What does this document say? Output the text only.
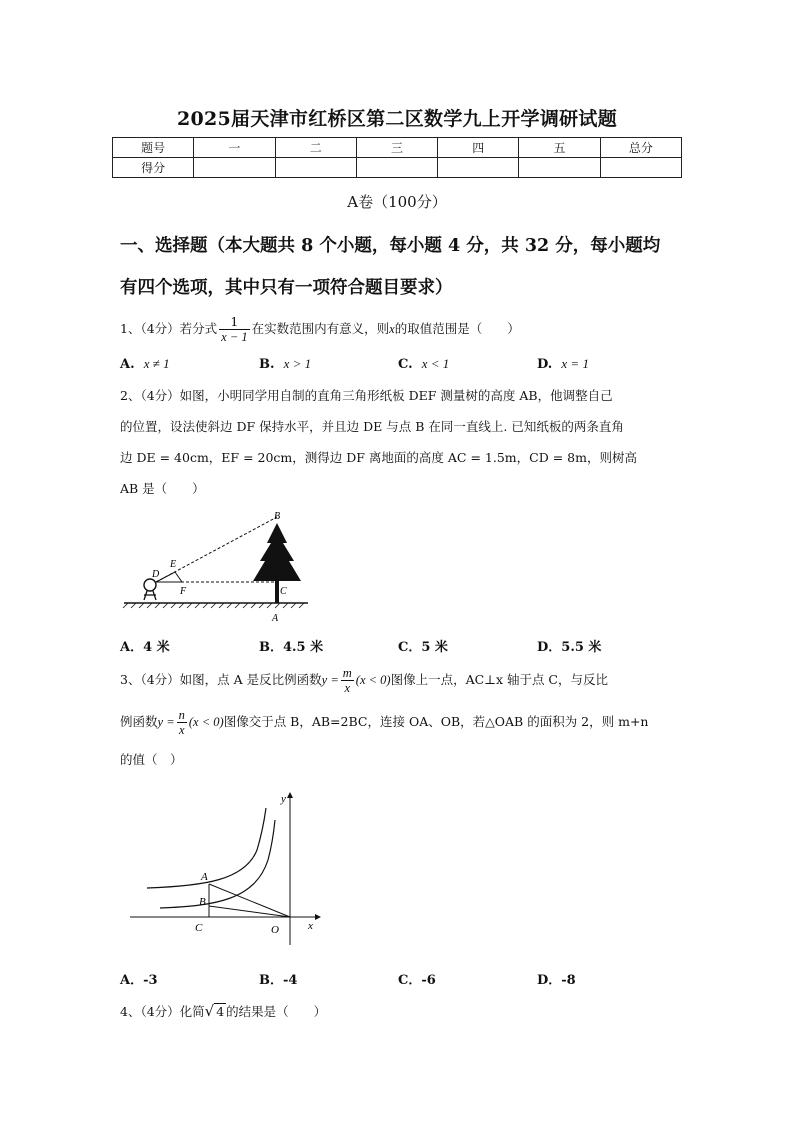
2025届天津市红桥区第二区数学九上开学调研试题
题号	一	二	三	四	五	总分
得分						
A卷（100分）
一、选择题（本大题共 8 个小题，每小题 4 分，共 32 分，每小题均
有四个选项，其中只有一项符合题目要求）
1、（4分）若分式 $\frac{1}{x - 1}$ 在实数范围内有意义，则x的取值范围是（　　）
A. x ≠ 1	B. x > 1	C. x < 1	D. x = 1
2、（4分）如图，小明同学用自制的直角三角形纸板 DEF 测量树的高度 AB，他调整自己
的位置，设法使斜边 DF 保持水平，并且边 DE 与点 B 在同一直线上. 已知纸板的两条直角
边 DE = 40cm，EF = 20cm，测得边 DF 离地面的高度 AC = 1.5m，CD = 8m，则树高
AB 是（　　）
B
D
E
F	C
A
A．4 米	B．4.5 米	C．5 米	D．5.5 米
3、（4分）如图，点 A 是反比例函数$y = \frac{m}{x} (x < 0)$图像上一点，AC⊥x 轴于点 C，与反比
例函数$y = \frac{n}{x} (x < 0)$图像交于点 B，AB=2BC，连接 OA、OB，若△OAB 的面积为 2，则 m+n
的值（　）
y
A
B
C	O	x
A．-3	B．-4	C．-6	D．-8
4、（4分）化简√ 4 的结果是（　　）
